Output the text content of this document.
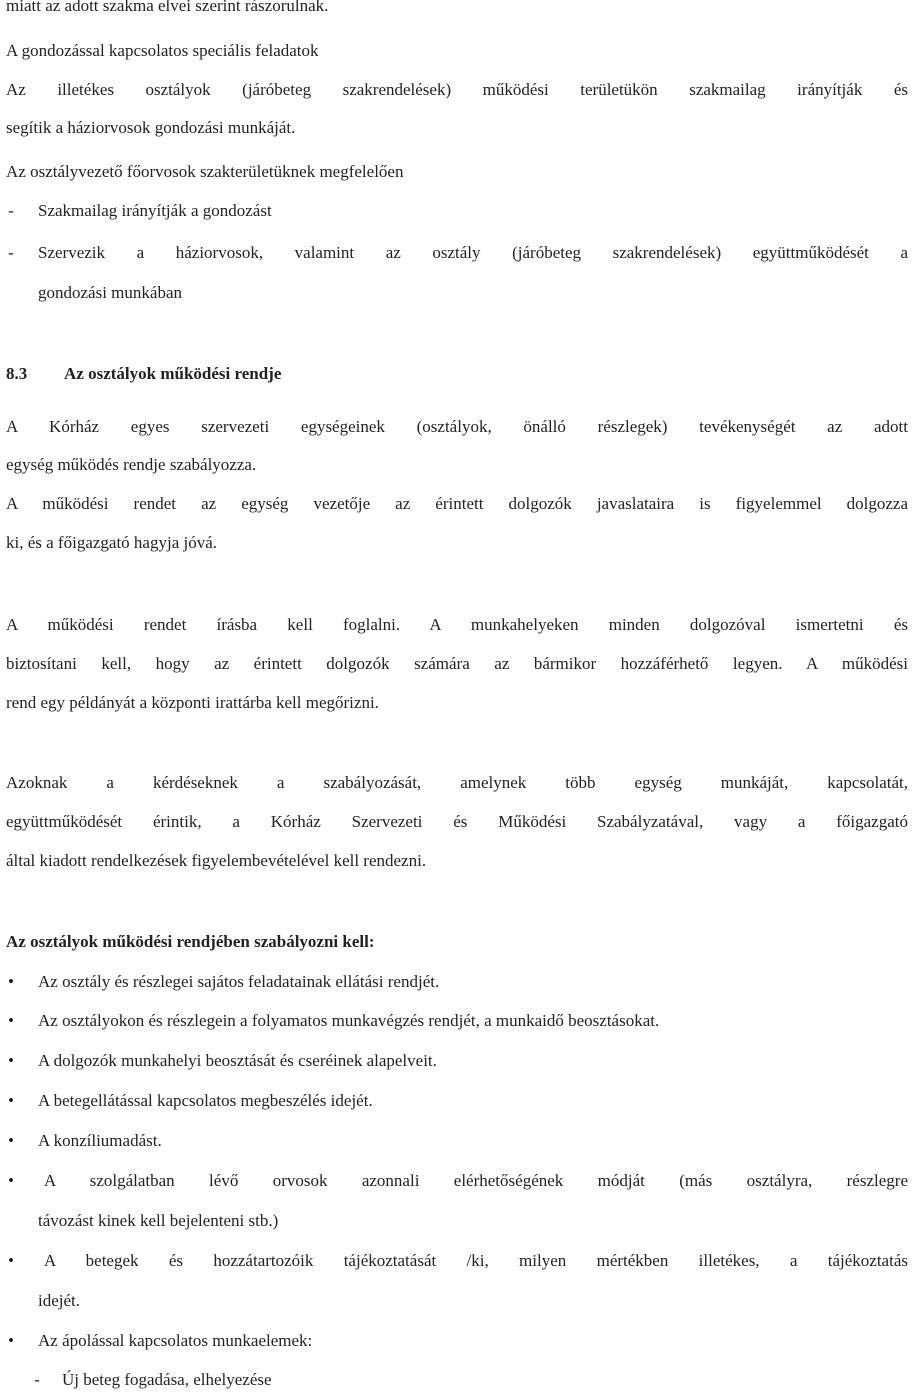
miatt az adott szakma elvei szerint rászorulnak.
A gondozással kapcsolatos speciális feladatok
Az illetékes osztályok (járóbeteg szakrendelések) működési területükön szakmailag irányítják és
segítik a háziorvosok gondozási munkáját.
Az osztályvezető főorvosok szakterületüknek megfelelően
- Szakmailag irányítják a gondozást
- Szervezik a háziorvosok, valamint az osztály (járóbeteg szakrendelések) együttműködését a
gondozási munkában
8.3 Az osztályok működési rendje
A Kórház egyes szervezeti egységeinek (osztályok, önálló részlegek) tevékenységét az adott
egység működés rendje szabályozza.
A működési rendet az egység vezetője az érintett dolgozók javaslataira is figyelemmel dolgozza
ki, és a főigazgató hagyja jóvá.
A működési rendet írásba kell foglalni. A munkahelyeken minden dolgozóval ismertetni és
biztosítani kell, hogy az érintett dolgozók számára az bármikor hozzáférhető legyen. A működési
rend egy példányát a központi irattárba kell megőrizni.
Azoknak a kérdéseknek a szabályozását, amelynek több egység munkáját, kapcsolatát,
együttműködését érintik, a Kórház Szervezeti és Működési Szabályzatával, vagy a főigazgató
által kiadott rendelkezések figyelembevételével kell rendezni.
Az osztályok működési rendjében szabályozni kell:
• Az osztály és részlegei sajátos feladatainak ellátási rendjét.
• Az osztályokon és részlegein a folyamatos munkavégzés rendjét, a munkaidő beosztásokat.
• A dolgozók munkahelyi beosztását és cseréinek alapelveit.
• A betegellátással kapcsolatos megbeszélés idejét.
• A konzíliumadást.
• A szolgálatban lévő orvosok azonnali elérhetőségének módját (más osztályra, részlegre
távozást kinek kell bejelenteni stb.)
• A betegek és hozzátartozóik tájékoztatását /ki, milyen mértékben illetékes, a tájékoztatás
idejét.
• Az ápolással kapcsolatos munkaelemek:
- Új beteg fogadása, elhelyezése
